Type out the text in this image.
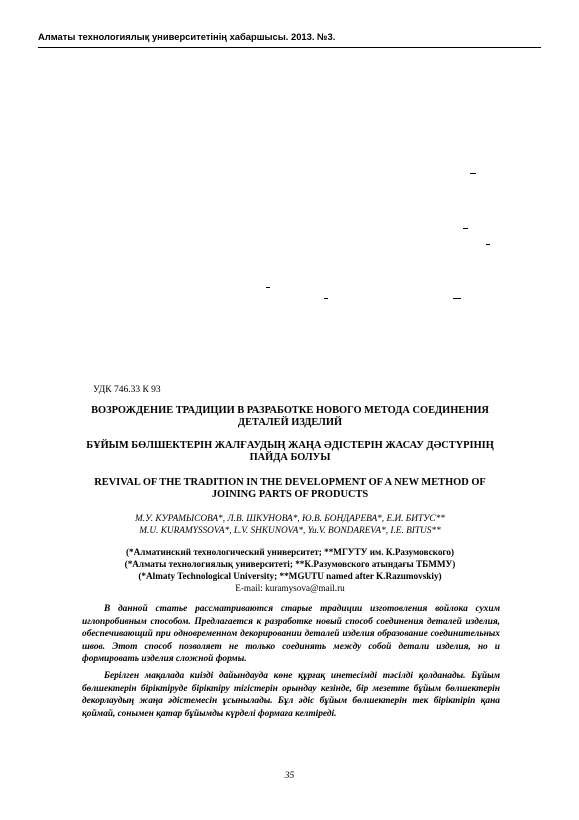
Алматы технологиялық университетінің хабаршысы. 2013. №3.
УДК 746.33 К 93
ВОЗРОЖДЕНИЕ ТРАДИЦИИ В РАЗРАБОТКЕ НОВОГО МЕТОДА СОЕДИНЕНИЯ
ДЕТАЛЕЙ ИЗДЕЛИЙ
БҰЙЫМ БӨЛШЕКТЕРІН ЖАЛҒАУДЫҢ ЖАҢА ӘДІСТЕРІН ЖАСАУ ДӘСТҮРІНІҢ
ПАЙДА БОЛУЫ
REVIVAL OF THE TRADITION IN THE DEVELOPMENT OF A NEW METHOD OF
JOINING PARTS OF PRODUCTS
М.У. КУРАМЫСОВА*, Л.В. ШКУНОВА*, Ю.В. БОНДАРЕВА*, Е.И. БИТУС**
M.U. KURAMYSSOVA*, L.V. SHKUNOVA*, Yu.V. BONDAREVA*, I.E. BITUS**
(*Алматинский технологический университет; **МГУТУ им. К.Разумовского)
(*Алматы технологиялық университеті; **К.Разумовского атындағы ТБММУ)
(*Almaty Technological University; **MGUTU named after K.Razumovskiy)
E-mail: kuramysova@mail.ru

В данной статье рассматриваются старые традиции изготовления войлока сухим иглопробивным способом. Предлагается к разработке новый способ соединения деталей изделия, обеспечивающий при одновременном декорировании деталей изделия образование соединительных швов. Этот способ позволяет не только соединять между собой детали изделия, но и формировать изделия сложной формы.

Берілген мақалада киізді дайындауда көне құрғақ инетесімді тәсілді қолданады. Бұйым бөлшектерін біріктіруде біріктіру тігістерін орындау кезінде, бір мезетте бұйым бөлшектерін декорлаудың жаңа әдістемесін ұсынылады. Бұл әдіс бұйым бөлшектерін тек біріктіріп қана қоймай, сонымен қатар бұйымды күрделі формаға келтіреді.

35
